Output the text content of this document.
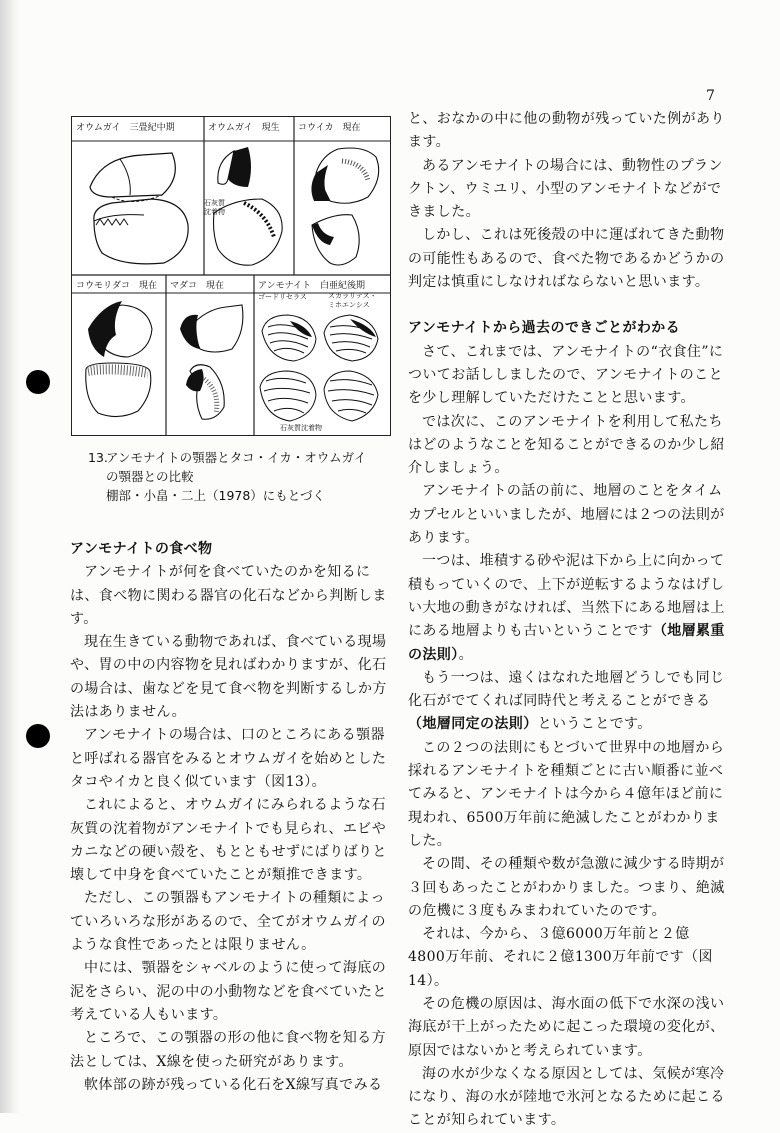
7
オウムガイ　三畳紀中期	オウムガイ　現生
石灰質
沈着物
コウイカ　現在
コウモリダコ　現在 マダコ　現在	アンモナイト　白亜紀後期
ゴードリセラス	スカラリテス・
ミホエンシス
石灰質沈着物
13.
アンモナイトの顎器とタコ・イカ・オウムガイ
の顎器との比較
棚部・小畠・二上（1978）にもとづく
アンモナイトの食べ物

アンモナイトが何を食べていたのかを知るには、食べ物に関わる器官の化石などから判断します。

現在生きている動物であれば、食べている現場や、胃の中の内容物を見ればわかりますが、化石の場合は、歯などを見て食べ物を判断するしか方法はありません。

アンモナイトの場合は、口のところにある顎器と呼ばれる器官をみるとオウムガイを始めとしたタコやイカと良く似ています（図13）。

これによると、オウムガイにみられるような石灰質の沈着物がアンモナイトでも見られ、エビやカニなどの硬い殻を、もとともせずにばりばりと壊して中身を食べていたことが類推できます。

ただし、この顎器もアンモナイトの種類によっていろいろな形があるので、全てがオウムガイのような食性であったとは限りません。

中には、顎器をシャベルのように使って海底の泥をさらい、泥の中の小動物などを食べていたと考えている人もいます。

ところで、この顎器の形の他に食べ物を知る方法としては、X線を使った研究があります。

軟体部の跡が残っている化石をX線写真でみる

と、おなかの中に他の動物が残っていた例があります。

あるアンモナイトの場合には、動物性のプランクトン、ウミユリ、小型のアンモナイトなどができました。

しかし、これは死後殻の中に運ばれてきた動物の可能性もあるので、食べた物であるかどうかの判定は慎重にしなければならないと思います。

アンモナイトから過去のできごとがわかる

さて、これまでは、アンモナイトの“衣食住”についてお話ししましたので、アンモナイトのことを少し理解していただけたことと思います。

では次に、このアンモナイトを利用して私たちはどのようなことを知ることができるのか少し紹介しましょう。

アンモナイトの話の前に、地層のことをタイムカプセルといいましたが、地層には２つの法則があります。

一つは、堆積する砂や泥は下から上に向かって積もっていくので、上下が逆転するようなはげしい大地の動きがなければ、当然下にある地層は上にある地層よりも古いということです（地層累重の法則）。

もう一つは、遠くはなれた地層どうしでも同じ化石がでてくれば同時代と考えることができる（地層同定の法則）ということです。

この２つの法則にもとづいて世界中の地層から採れるアンモナイトを種類ごとに古い順番に並べてみると、アンモナイトは今から４億年ほど前に現われ、6500万年前に絶滅したことがわかりました。

その間、その種類や数が急激に減少する時期が３回もあったことがわかりました。つまり、絶滅の危機に３度もみまわれていたのです。

それは、今から、３億6000万年前と２億4800万年前、それに２億1300万年前です（図14）。

その危機の原因は、海水面の低下で水深の浅い海底が干上がったために起こった環境の変化が、原因ではないかと考えられています。

海の水が少なくなる原因としては、気候が寒冷になり、海の水が陸地で氷河となるために起こることが知られています。
